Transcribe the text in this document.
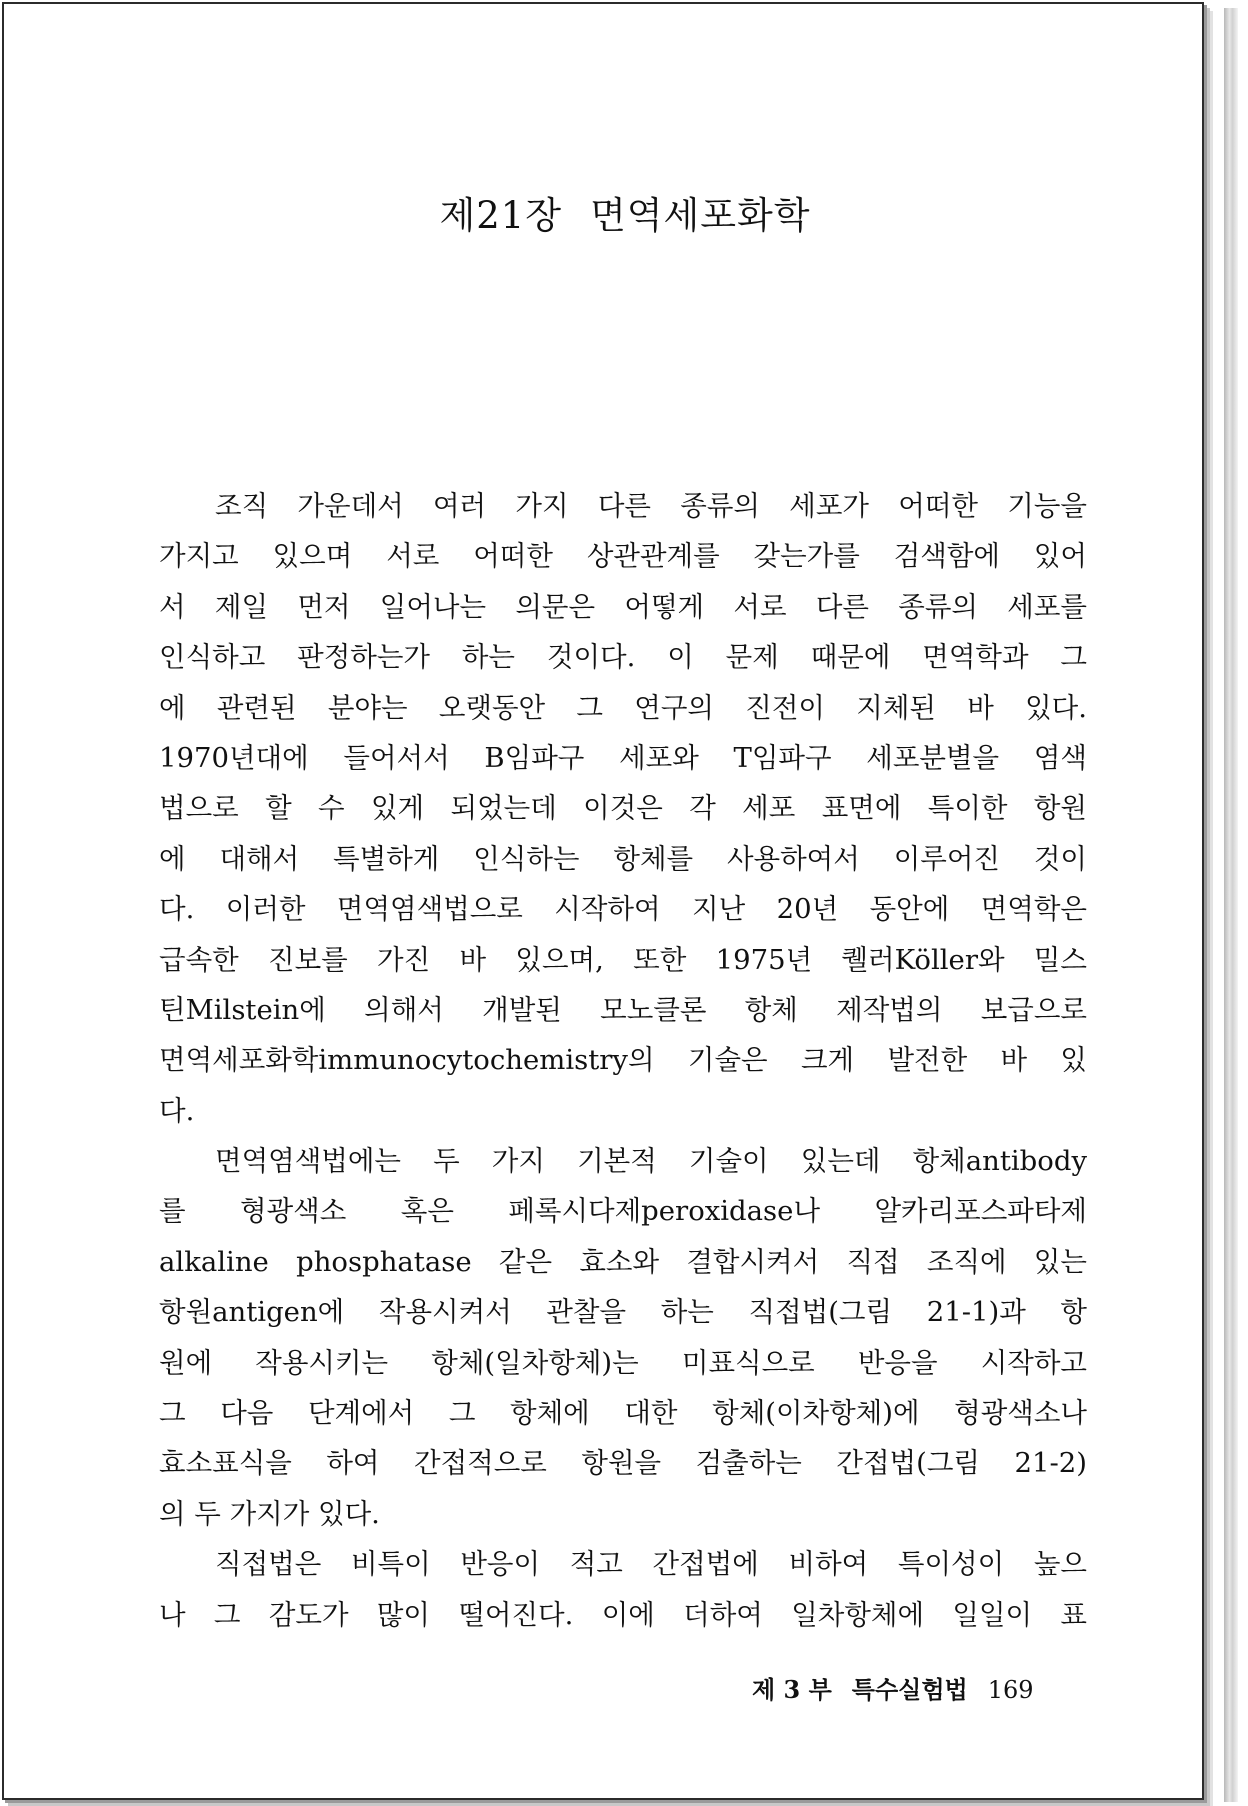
제21장 면역세포화학
조직 가운데서 여러 가지 다른 종류의 세포가 어떠한 기능을
가지고 있으며 서로 어떠한 상관관계를 갖는가를 검색함에 있어
서 제일 먼저 일어나는 의문은 어떻게 서로 다른 종류의 세포를
인식하고 판정하는가 하는 것이다. 이 문제 때문에 면역학과 그
에 관련된 분야는 오랫동안 그 연구의 진전이 지체된 바 있다.
1970년대에 들어서서 B임파구 세포와 T임파구 세포분별을 염색
법으로 할 수 있게 되었는데 이것은 각 세포 표면에 특이한 항원
에 대해서 특별하게 인식하는 항체를 사용하여서 이루어진 것이
다. 이러한 면역염색법으로 시작하여 지난 20년 동안에 면역학은
급속한 진보를 가진 바 있으며, 또한 1975년 퀠러Köller와 밀스
틴Milstein에 의해서 개발된 모노클론 항체 제작법의 보급으로
면역세포화학immunocytochemistry의 기술은 크게 발전한 바 있
다.
면역염색법에는 두 가지 기본적 기술이 있는데 항체antibody
를 형광색소 혹은 페록시다제peroxidase나 알카리포스파타제
alkaline phosphatase 같은 효소와 결합시켜서 직접 조직에 있는
항원antigen에 작용시켜서 관찰을 하는 직접법(그림 21-1)과 항
원에 작용시키는 항체(일차항체)는 미표식으로 반응을 시작하고
그 다음 단계에서 그 항체에 대한 항체(이차항체)에 형광색소나
효소표식을 하여 간접적으로 항원을 검출하는 간접법(그림 21-2)
의 두 가지가 있다.
직접법은 비특이 반응이 적고 간접법에 비하여 특이성이 높으
나 그 감도가 많이 떨어진다. 이에 더하여 일차항체에 일일이 표
제 3 부 특수실험법 169
